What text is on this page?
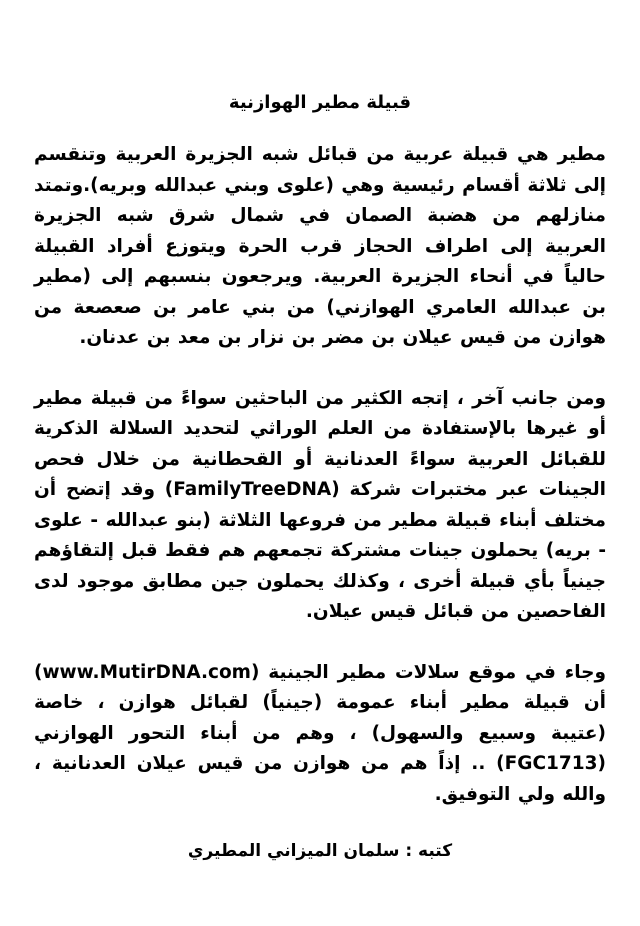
قبيلة مطير الهوازنية

مطير هي قبيلة عربية من قبائل شبه الجزيرة العربية وتنقسم إلى ثلاثة أقسام رئيسية وهي (علوى وبني عبدالله وبريه).وتمتد منازلهم من هضبة الصمان في شمال شرق شبه الجزيرة العربية إلى اطراف الحجاز قرب الحرة ويتوزع أفراد القبيلة حالياً في أنحاء الجزيرة العربية. ويرجعون بنسبهم إلى (مطير بن عبدالله العامري الهوازني) من بني عامر بن صعصعة من هوازن من قيس عيلان بن مضر بن نزار بن معد بن عدنان.

ومن جانب آخر ، إتجه الكثير من الباحثين سواءً من قبيلة مطير أو غيرها بالإستفادة من العلم الوراثي لتحديد السلالة الذكرية للقبائل العربية سواءً العدنانية أو القحطانية من خلال فحص الجينات عبر مختبرات شركة (FamilyTreeDNA) وقد إتضح أن مختلف أبناء قبيلة مطير من فروعها الثلاثة (بنو عبدالله - علوى - بريه) يحملون جينات مشتركة تجمعهم هم فقط قبل إلتقاؤهم جينياً بأي قبيلة أخرى ، وكذلك يحملون جين مطابق موجود لدى الفاحصين من قبائل قيس عيلان.

وجاء في موقع سلالات مطير الجينية (www.MutirDNA.com) أن قبيلة مطير أبناء عمومة (جينياً) لقبائل هوازن ، خاصة (عتيبة وسبيع والسهول) ، وهم من أبناء التحور الهوازني (FGC1713) .. إذاً هم من هوازن من قيس عيلان العدنانية ، والله ولي التوفيق.

كتبه : سلمان الميزاني المطيري
